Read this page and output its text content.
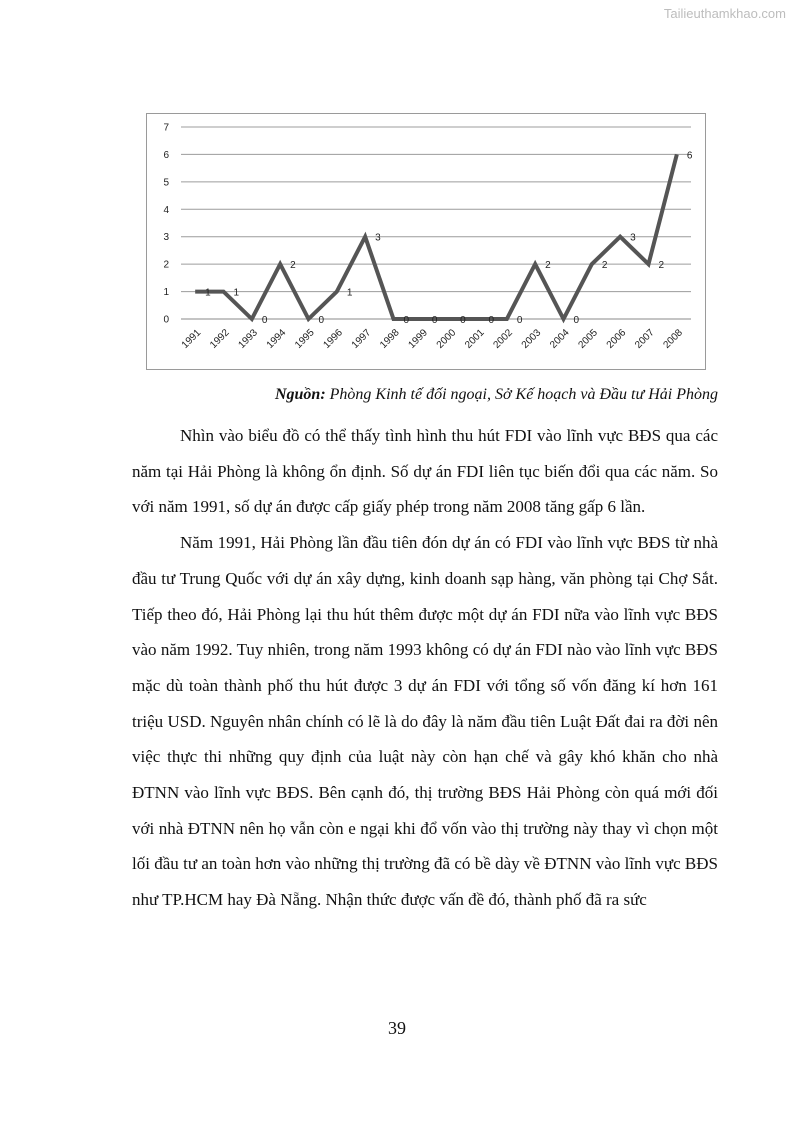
Tailieuthamkhao.com
0
1
2
3
4
5
6
7
1991 1992 1993 1994 1995 1996 1997 1998 1999 2000 2001 2002 2003 2004 2005 2006 2007 2008
1 1
0
2
0
1
3
0 0 0 0 0
2
0
2
3
2
6
Nguồn: Phòng Kinh tế đối ngoại, Sở Kế hoạch và Đầu tư Hải Phòng

Nhìn vào biểu đồ có thể thấy tình hình thu hút FDI vào lĩnh vực BĐS qua các năm tại Hải Phòng là không ổn định. Số dự án FDI liên tục biến đổi qua các năm. So với năm 1991, số dự án được cấp giấy phép trong năm 2008 tăng gấp 6 lần.

Năm 1991, Hải Phòng lần đầu tiên đón dự án có FDI vào lĩnh vực BĐS từ nhà đầu tư Trung Quốc với dự án xây dựng, kinh doanh sạp hàng, văn phòng tại Chợ Sắt. Tiếp theo đó, Hải Phòng lại thu hút thêm được một dự án FDI nữa vào lĩnh vực BĐS vào năm 1992. Tuy nhiên, trong năm 1993 không có dự án FDI nào vào lĩnh vực BĐS mặc dù toàn thành phố thu hút được 3 dự án FDI với tổng số vốn đăng kí hơn 161 triệu USD. Nguyên nhân chính có lẽ là do đây là năm đầu tiên Luật Đất đai ra đời nên việc thực thi những quy định của luật này còn hạn chế và gây khó khăn cho nhà ĐTNN vào lĩnh vực BĐS. Bên cạnh đó, thị trường BĐS Hải Phòng còn quá mới đối với nhà ĐTNN nên họ vẫn còn e ngại khi đổ vốn vào thị trường này thay vì chọn một lối đầu tư an toàn hơn vào những thị trường đã có bề dày về ĐTNN vào lĩnh vực BĐS như TP.HCM hay Đà Nẵng. Nhận thức được vấn đề đó, thành phố đã ra sức

39
